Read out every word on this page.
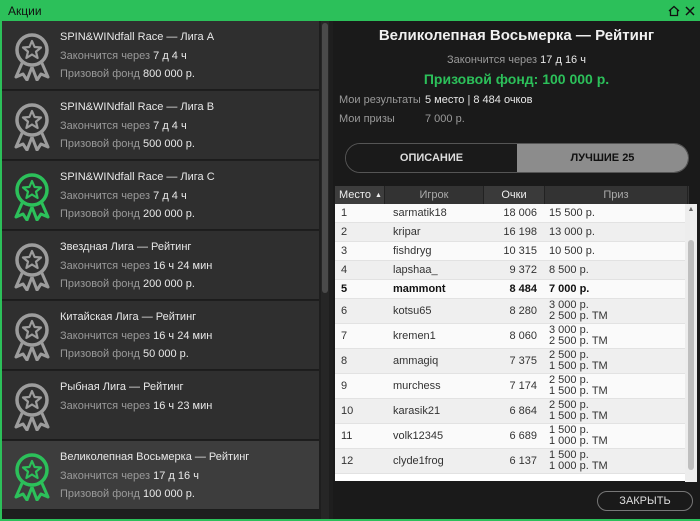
Акции
SPIN&WINdfall Race — Лига A
Закончится через 7 д 4 ч
Призовой фонд 800 000 р.
SPIN&WINdfall Race — Лига B
Закончится через 7 д 4 ч
Призовой фонд 500 000 р.
SPIN&WINdfall Race — Лига C
Закончится через 7 д 4 ч
Призовой фонд 200 000 р.
Звездная Лига — Рейтинг
Закончится через 16 ч 24 мин
Призовой фонд 200 000 р.
Китайская Лига — Рейтинг
Закончится через 16 ч 24 мин
Призовой фонд 50 000 р.
Рыбная Лига — Рейтинг
Закончится через 16 ч 23 мин
Великолепная Восьмерка — Рейтинг
Закончится через 17 д 16 ч
Призовой фонд 100 000 р.
Великолепная Восьмерка — Рейтинг
Закончится через 17 д 16 ч
Призовой фонд: 100 000 р.
Мои результаты 5 место | 8 484 очков
Мои призы	7 000 р.
ОПИСАНИЕ	ЛУЧШИЕ 25
Место ▲	Игрок	Очки	Приз
1	sarmatik18	18 006	15 500 р.
2	kripar	16 198	13 000 р.
3	fishdryg	10 315	10 500 р.
4	lapshaa_	9 372	8 500 р.
5	mammont	8 484	7 000 р.
6	kotsu65	8 280	3 000 р.
2 500 р. TM
7	kremen1	8 060	3 000 р.
2 500 р. TM
8	ammagiq	7 375	2 500 р.
1 500 р. TM
9	murchess	7 174	2 500 р.
1 500 р. TM
10	karasik21	6 864	2 500 р.
1 500 р. TM
11	volk12345	6 689	1 500 р.
1 000 р. TM
12	clyde1frog	6 137	1 500 р.
1 000 р. TM
▲
ЗАКРЫТЬ
